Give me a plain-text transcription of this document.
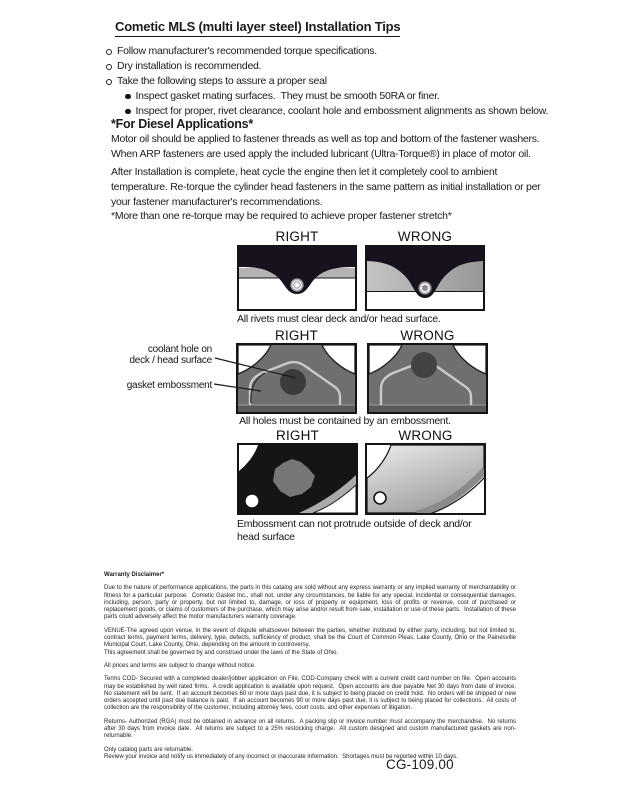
Cometic MLS (multi layer steel) Installation Tips
Follow manufacturer's recommended torque specifications.
Dry installation is recommended.
Take the following steps to assure a proper seal
Inspect gasket mating surfaces.  They must be smooth 50RA or finer.
Inspect for proper, rivet clearance, coolant hole and embossment alignments as shown below.
*For Diesel Applications*
Motor oil should be applied to fastener threads as well as top and bottom of the fastener washers. When ARP fasteners are used apply the included lubricant (Ultra-Torque®) in place of motor oil.
After Installation is complete, heat cycle the engine then let it completely cool to ambient temperature. Re-torque the cylinder head fasteners in the same pattern as initial installation or per your fastener manufacturer's recommendations.
*More than one re-torque may be required to achieve proper fastener stretch*
RIGHT	WRONG
All rivets must clear deck and/or head surface.
RIGHT	WRONG
coolant hole on
deck / head surface
gasket embossment
All holes must be contained by an embossment.
RIGHT	WRONG
Embossment can not protrude outside of deck and/or head surface

Warranty Disclaimer*

Due to the nature of performance applications, the parts in this catalog are sold without any express warranty or any implied warranty of merchantability or fitness for a particular purpose.  Cometic Gasket Inc., shall not, under any circumstances, be liable for any special, incidental or consequential damages, including, person, party or property, but not limited to, damage, or loss of property or equipment, loss of profits or revenue, cost of purchased or replacement goods, or claims of customers of the purchase, which may arise and/or result from sale, installation or use of these parts.  Installation of these parts could adversely affect the motor manufacturers warranty coverage.

VENUE-The agreed upon venue, in the event of dispute whatsoever between the parties, whether instituted by either party, including, but not limited to, contract terms, payment terms, delivery, type, defects, sufficiency of product, shall be the Court of Common Pleas, Lake County, Ohio or the Painesville Municipal Court, Lake County, Ohio, depending on the amount in controversy.

This agreement shall be governed by and construed under the laws of the State of Ohio.

All prices and terms are subject to change without notice.

Terms COD- Secured with a completed dealer/jobber application on File, COD-Company check with a current credit card number on file.  Open accounts may be established by well rated firms.  A credit application is available upon request.  Open accounts are due payable Net 30 days from date of invoice.  No statement will be sent.  If an account becomes 60 or more days past due, it is subject to being placed on credit hold.  No orders will be shipped or new orders accepted until past due balance is paid.  If an account becomes 90 or more days past due, it is subject to being placed for collections.  All costs of collection are the responsibility of the customer, including attorney fees, court costs, and other expenses of litigation.

Returns- Authorized (RGA) must be obtained in advance on all returns.  A packing slip or invoice number must accompany the merchandise.  No returns after 30 days from invoice date.  All returns are subject to a 25% restocking charge.  All custom designed and custom manufactured gaskets are non-returnable.

Only catalog parts are returnable.

Review your invoice and notify us immediately of any incorrect or inaccurate information.  Shortages must be reported within 10 days.

CG-109.00
